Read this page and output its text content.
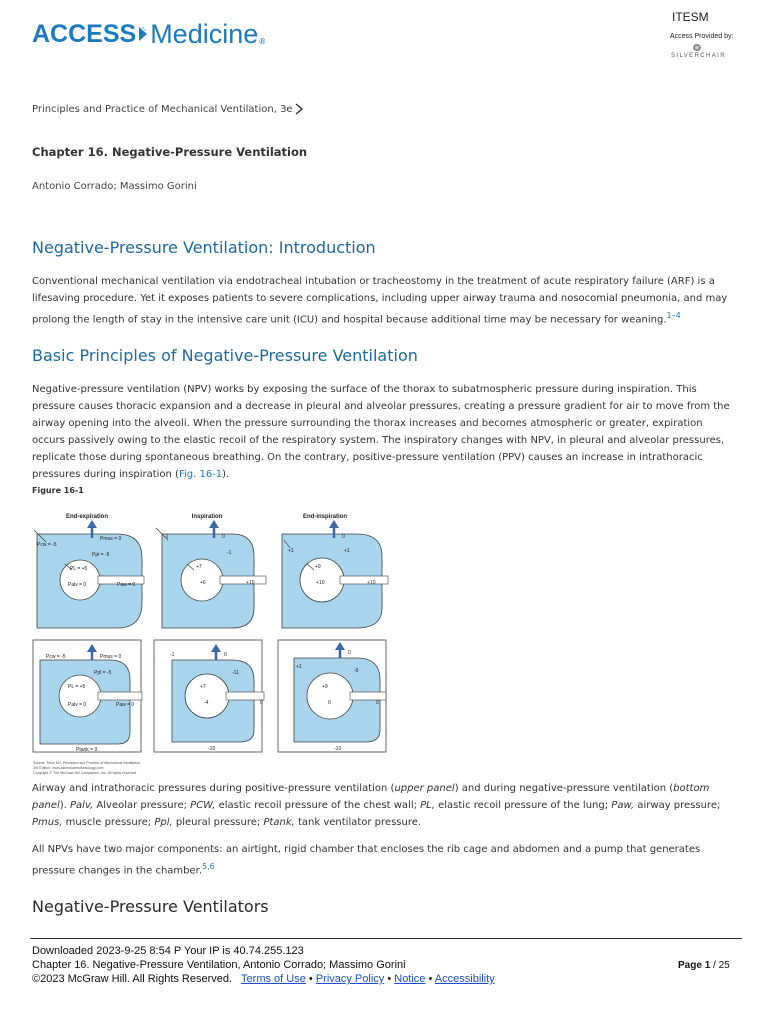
ACCESS Medicine ®
ITESM
Access Provided by:
SILVERCHAIR
Principles and Practice of Mechanical Ventilation, 3e
Chapter 16. Negative-Pressure Ventilation
Antonio Corrado; Massimo Gorini
Negative-Pressure Ventilation: Introduction
Conventional mechanical ventilation via endotracheal intubation or tracheostomy in the treatment of acute respiratory failure (ARF) is a lifesaving procedure. Yet it exposes patients to severe complications, including upper airway trauma and nosocomial pneumonia, and may prolong the length of stay in the intensive care unit (ICU) and hospital because additional time may be necessary for weaning.$^{1-4}$
Basic Principles of Negative-Pressure Ventilation
Negative-pressure ventilation (NPV) works by exposing the surface of the thorax to subatmospheric pressure during inspiration. This pressure causes thoracic expansion and a decrease in pleural and alveolar pressures, creating a pressure gradient for air to move from the airway opening into the alveoli. When the pressure surrounding the thorax increases and becomes atmospheric or greater, expiration occurs passively owing to the elastic recoil of the respiratory system. The inspiratory changes with NPV, in pleural and alveolar pressures, replicate those during spontaneous breathing. On the contrary, positive-pressure ventilation (PPV) causes an increase in intrathoracic pressures during inspiration (Fig. 16-1).
Figure 16-1
End-expiration	Inspiration	End-inspiration
Pcw = -5
Pmus = 0
Ppl = -5
PL = +5
Palv = 0	Paw = 0
-1	0
-1
+7
+6	+10
+1
0
+1
+9
+10	+10
Pcw = -5	Pmus = 0
Ppl = -5
PL = +5
Palv = 0	Paw = 0
Ptank = 0
-1	0
-11
+7
-4	0
-10
+1
0
-9
+9
0	0
-10
Source: Tobin MJ: Principles and Practice of Mechanical Ventilation,
3rd Edition: www.accessanesthesiology.com
Copyright © The McGraw-Hill Companies, Inc. All rights reserved.
Airway and intrathoracic pressures during positive-pressure ventilation (upper panel) and during negative-pressure ventilation (bottom panel). Palv, Alveolar pressure; PCW, elastic recoil pressure of the chest wall; PL, elastic recoil pressure of the lung; Paw, airway pressure; Pmus, muscle pressure; Ppl, pleural pressure; Ptank, tank ventilator pressure.
All NPVs have two major components: an airtight, rigid chamber that encloses the rib cage and abdomen and a pump that generates pressure changes in the chamber.$^{5,6}$
Negative-Pressure Ventilators
Downloaded 2023-9-25 8:54 P Your IP is 40.74.255.123
Chapter 16. Negative-Pressure Ventilation, Antonio Corrado; Massimo Gorini
©2023 McGraw Hill. All Rights Reserved. Terms of Use • Privacy Policy • Notice • Accessibility
Page 1 / 25
